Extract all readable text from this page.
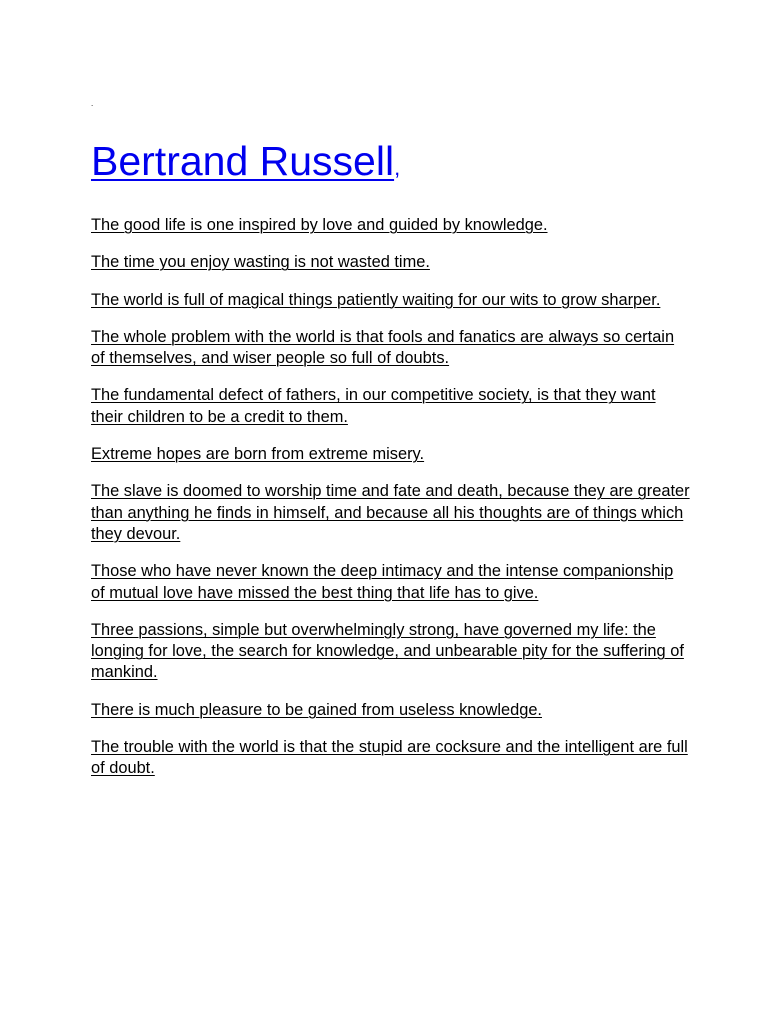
.
Bertrand Russell,

The good life is one inspired by love and guided by knowledge.

The time you enjoy wasting is not wasted time.

The world is full of magical things patiently waiting for our wits to grow sharper.

The whole problem with the world is that fools and fanatics are always so certain of themselves, and wiser people so full of doubts.

The fundamental defect of fathers, in our competitive society, is that they want their children to be a credit to them.

Extreme hopes are born from extreme misery.

The slave is doomed to worship time and fate and death, because they are greater than anything he finds in himself, and because all his thoughts are of things which they devour.

Those who have never known the deep intimacy and the intense companionship of mutual love have missed the best thing that life has to give.

Three passions, simple but overwhelmingly strong, have governed my life: the longing for love, the search for knowledge, and unbearable pity for the suffering of mankind.

There is much pleasure to be gained from useless knowledge.

The trouble with the world is that the stupid are cocksure and the intelligent are full of doubt.
